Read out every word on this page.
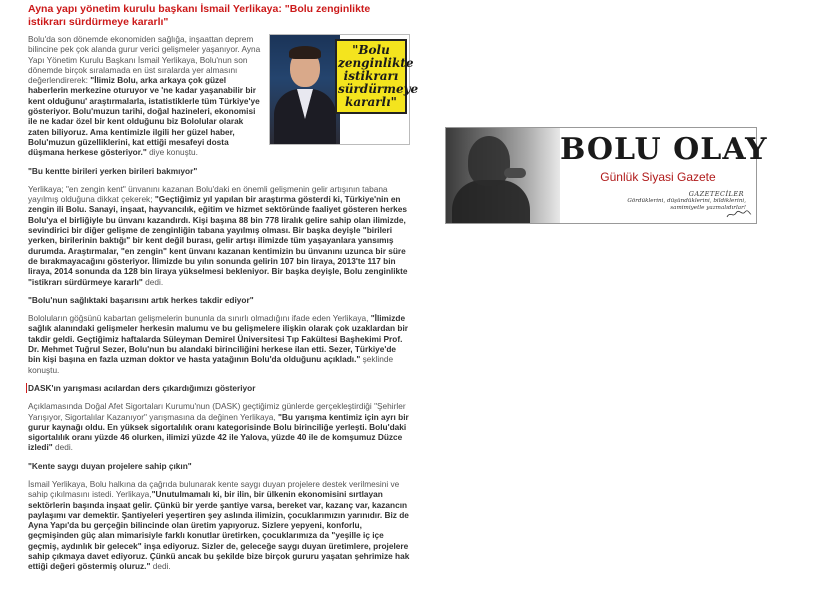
Ayna yapı yönetim kurulu başkanı İsmail Yerlikaya: "Bolu zenginlikte istikrarı sürdürmeye kararlı"
"Bolu
zenginlikte
istikrarı
sürdürmeye
kararlı"

Bolu'da son dönemde ekonomiden sağlığa, inşaattan deprem bilincine pek çok alanda gurur verici gelişmeler yaşanıyor. Ayna Yapı Yönetim Kurulu Başkanı İsmail Yerlikaya, Bolu'nun son dönemde birçok sıralamada en üst sıralarda yer almasını değerlendirerek: "İlimiz Bolu, arka arkaya çok güzel haberlerin merkezine oturuyor ve 'ne kadar yaşanabilir bir kent olduğunu' araştırmalarla, istatistiklerle tüm Türkiye'ye gösteriyor. Bolu'muzun tarihi, doğal hazineleri, ekonomisi ile ne kadar özel bir kent olduğunu biz Bololular olarak zaten biliyoruz. Ama kentimizle ilgili her güzel haber, Bolu'muzun güzelliklerini, kat ettiği mesafeyi dosta düşmana herkese gösteriyor." diye konuştu.

"Bu kentte birileri yerken birileri bakmıyor"

Yerlikaya; "en zengin kent" ünvanını kazanan Bolu'daki en önemli gelişmenin gelir artışının tabana yayılmış olduğuna dikkat çekerek; "Geçtiğimiz yıl yapılan bir araştırma gösterdi ki, Türkiye'nin en zengin ili Bolu. Sanayi, inşaat, hayvancılık, eğitim ve hizmet sektöründe faaliyet gösteren herkes Bolu'ya el birliğiyle bu ünvanı kazandırdı. Kişi başına 88 bin 778 liralık gelire sahip olan ilimizde, sevindirici bir diğer gelişme de zenginliğin tabana yayılmış olması. Bir başka deyişle "birileri yerken, birilerinin baktığı" bir kent değil burası, gelir artışı ilimizde tüm yaşayanlara yansımış durumda. Araştırmalar, "en zengin" kent ünvanı kazanan kentimizin bu ünvanını uzunca bir süre de bırakmayacağını gösteriyor. İlimizde bu yılın sonunda gelirin 107 bin liraya, 2013'te 117 bin liraya, 2014 sonunda da 128 bin liraya yükselmesi bekleniyor. Bir başka deyişle, Bolu zenginlikte "istikrarı sürdürmeye kararlı" dedi.

"Bolu'nun sağlıktaki başarısını artık herkes takdir ediyor"

Bololuların göğsünü kabartan gelişmelerin bununla da sınırlı olmadığını ifade eden Yerlikaya, "İlimizde sağlık alanındaki gelişmeler herkesin malumu ve bu gelişmelere ilişkin olarak çok uzaklardan bir takdir geldi. Geçtiğimiz haftalarda Süleyman Demirel Üniversitesi Tıp Fakültesi Başhekimi Prof. Dr. Mehmet Tuğrul Sezer, Bolu'nun bu alandaki birinciliğini herkese ilan etti. Sezer, Türkiye'de bin kişi başına en fazla uzman doktor ve hasta yatağının Bolu'da olduğunu açıkladı." şeklinde konuştu.

DASK'ın yarışması acılardan ders çıkardığımızı gösteriyor

Açıklamasında Doğal Afet Sigortaları Kurumu'nun (DASK) geçtiğimiz günlerde gerçekleştirdiği "Şehirler Yarışıyor, Sigortalılar Kazanıyor" yarışmasına da değinen Yerlikaya, "Bu yarışma kentimiz için ayrı bir gurur kaynağı oldu. En yüksek sigortalılık oranı kategorisinde Bolu birinciliğe yerleşti. Bolu'daki sigortalılık oranı yüzde 46 olurken, ilimizi yüzde 42 ile Yalova, yüzde 40 ile de komşumuz Düzce izledi" dedi.

"Kente saygı duyan projelere sahip çıkın"

İsmail Yerlikaya, Bolu halkına da çağrıda bulunarak kente saygı duyan projelere destek verilmesini ve sahip çıkılmasını istedi. Yerlikaya,"Unutulmamalı ki, bir ilin, bir ülkenin ekonomisini sırtlayan sektörlerin başında inşaat gelir. Çünkü bir yerde şantiye varsa, bereket var, kazanç var, kazancın paylaşımı var demektir. Şantiyeleri yeşertiren şey aslında ilimizin, çocuklarımızın yarınıdır. Biz de Ayna Yapı'da bu gerçeğin bilincinde olan üretim yapıyoruz. Sizlere yepyeni, konforlu, geçmişinden güç alan mimarisiyle farklı konutlar üretirken, çocuklarımıza da "yeşille iç içe geçmiş, aydınlık bir gelecek" inşa ediyoruz. Sizler de, geleceğe saygı duyan üretimlere, projelere sahip çıkmaya davet ediyoruz. Çünkü ancak bu şekilde bize birçok gururu yaşatan şehrimize hak ettiği değeri göstermiş oluruz." dedi.

BOLU OLAY
Günlük Siyasi Gazete
GAZETECİLER
Gördüklerini, düşündüklerini, bildiklerini, samimiyetle yazmalıdırlar!
